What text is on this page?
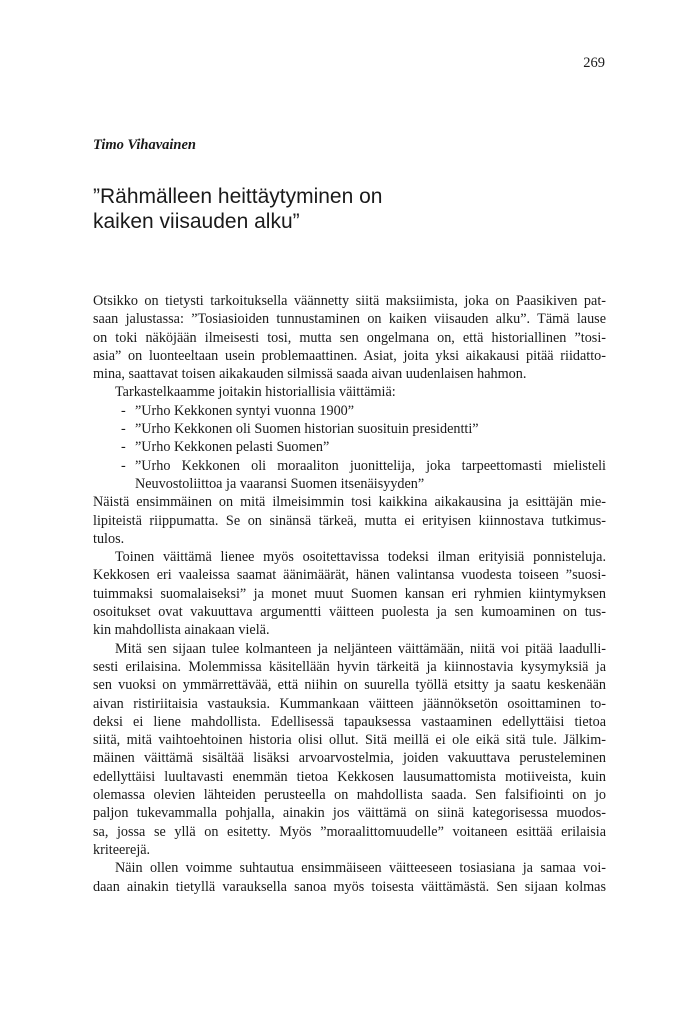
269
Timo Vihavainen
”Rähmälleen heittäytyminen on
kaiken viisauden alku”

Otsikko on tietysti tarkoituksella väännetty siitä maksiimista, joka on Paasikiven pat-

saan jalustassa: ”Tosiasioiden tunnustaminen on kaiken viisauden alku”. Tämä lause

on toki näköjään ilmeisesti tosi, mutta sen ongelmana on, että historiallinen ”tosi-

asia” on luonteeltaan usein problemaattinen. Asiat, joita yksi aikakausi pitää riidatto-

mina, saattavat toisen aikakauden silmissä saada aivan uudenlaisen hahmon.

Tarkastelkaamme joitakin historiallisia väittämiä:

- ”Urho Kekkonen syntyi vuonna 1900”
- ”Urho Kekkonen oli Suomen historian suosituin presidentti”
- ”Urho Kekkonen pelasti Suomen”
- ”Urho Kekkonen oli moraaliton juonittelija, joka tarpeettomasti mielisteli
Neuvostoliittoa ja vaaransi Suomen itsenäisyyden”

Näistä ensimmäinen on mitä ilmeisimmin tosi kaikkina aikakausina ja esittäjän mie-

lipiteistä riippumatta. Se on sinänsä tärkeä, mutta ei erityisen kiinnostava tutkimus-

tulos.

Toinen väittämä lienee myös osoitettavissa todeksi ilman erityisiä ponnisteluja.

Kekkosen eri vaaleissa saamat äänimäärät, hänen valintansa vuodesta toiseen ”suosi-

tuimmaksi suomalaiseksi” ja monet muut Suomen kansan eri ryhmien kiintymyksen

osoitukset ovat vakuuttava argumentti väitteen puolesta ja sen kumoaminen on tus-

kin mahdollista ainakaan vielä.

Mitä sen sijaan tulee kolmanteen ja neljänteen väittämään, niitä voi pitää laadulli-

sesti erilaisina. Molemmissa käsitellään hyvin tärkeitä ja kiinnostavia kysymyksiä ja

sen vuoksi on ymmärrettävää, että niihin on suurella työllä etsitty ja saatu keskenään

aivan ristiriitaisia vastauksia. Kummankaan väitteen jäännöksetön osoittaminen to-

deksi ei liene mahdollista. Edellisessä tapauksessa vastaaminen edellyttäisi tietoa

siitä, mitä vaihtoehtoinen historia olisi ollut. Sitä meillä ei ole eikä sitä tule. Jälkim-

mäinen väittämä sisältää lisäksi arvoarvostelmia, joiden vakuuttava perusteleminen

edellyttäisi luultavasti enemmän tietoa Kekkosen lausumattomista motiiveista, kuin

olemassa olevien lähteiden perusteella on mahdollista saada. Sen falsifiointi on jo

paljon tukevammalla pohjalla, ainakin jos väittämä on siinä kategorisessa muodos-

sa, jossa se yllä on esitetty. Myös ”moraalittomuudelle” voitaneen esittää erilaisia

kriteerejä.

Näin ollen voimme suhtautua ensimmäiseen väitteeseen tosiasiana ja samaa voi-

daan ainakin tietyllä varauksella sanoa myös toisesta väittämästä. Sen sijaan kolmas
